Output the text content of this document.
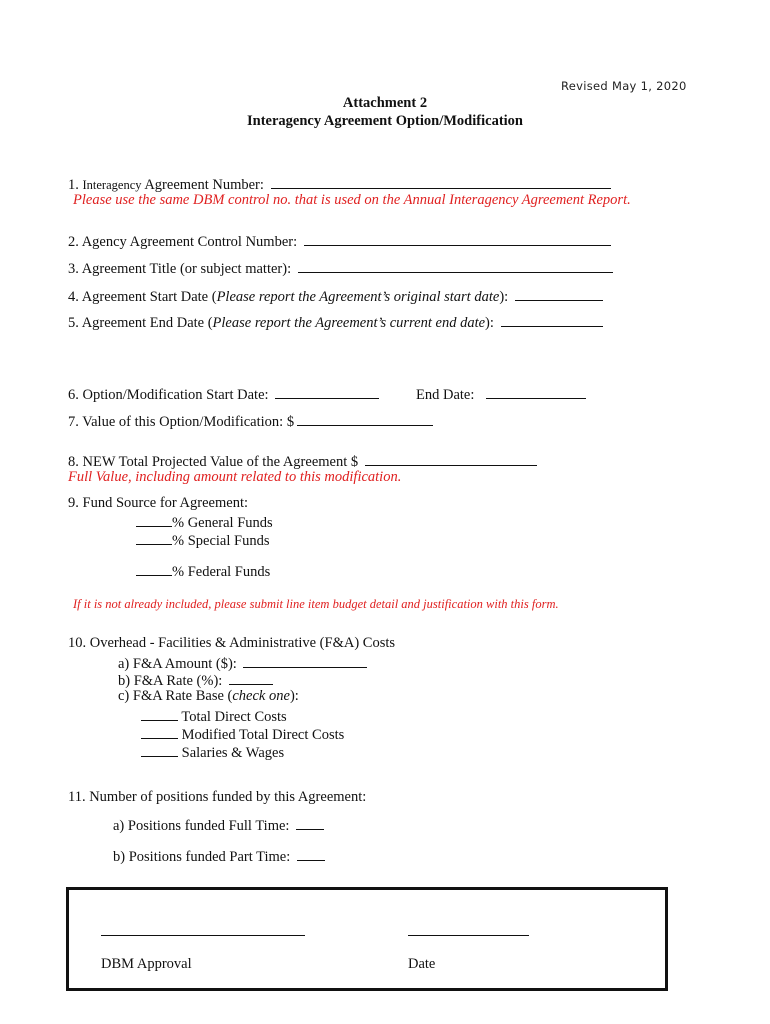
Revised May 1, 2020
Attachment 2
Interagency Agreement Option/Modification
1. Interagency Agreement Number:
Please use the same DBM control no. that is used on the Annual Interagency Agreement Report.
2. Agency Agreement Control Number:
3. Agreement Title (or subject matter):
4. Agreement Start Date (Please report the Agreement’s original start date):
5. Agreement End Date (Please report the Agreement’s current end date):
6. Option/Modification Start Date:	End Date:
7. Value of this Option/Modification: $
8. NEW Total Projected Value of the Agreement $
Full Value, including amount related to this modification.
9. Fund Source for Agreement:
% General Funds
% Special Funds
% Federal Funds
If it is not already included, please submit line item budget detail and justification with this form.
10. Overhead - Facilities & Administrative (F&A) Costs
a) F&A Amount ($):
b) F&A Rate (%):
c) F&A Rate Base (check one):
Total Direct Costs
Modified Total Direct Costs
Salaries & Wages
11. Number of positions funded by this Agreement:
a) Positions funded Full Time:
b) Positions funded Part Time:
DBM Approval	Date
